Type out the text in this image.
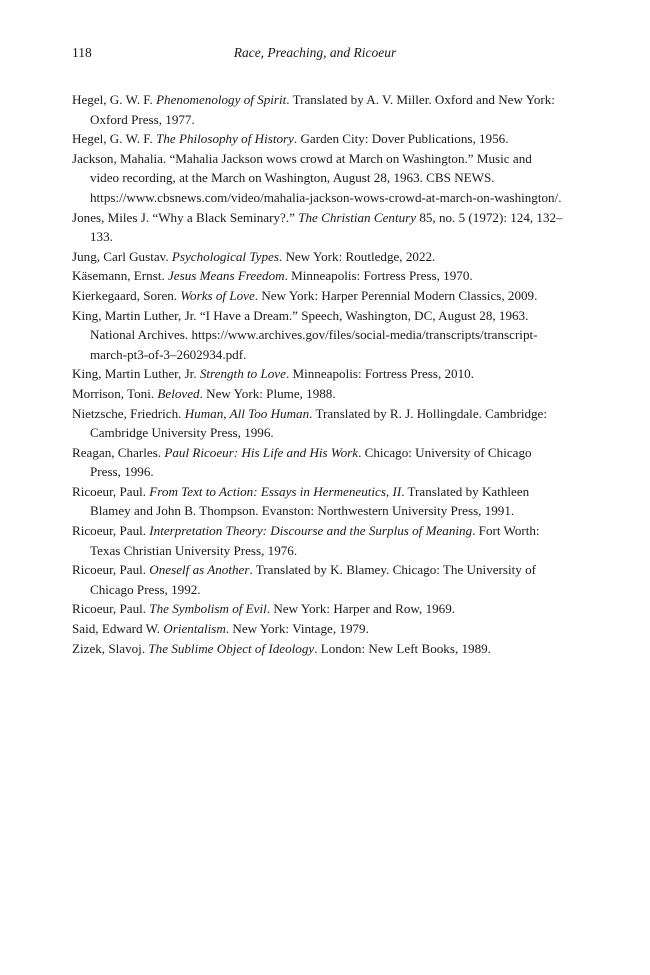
118	Race, Preaching, and Ricoeur

Hegel, G. W. F. Phenomenology of Spirit. Translated by A. V. Miller. Oxford and New York: Oxford Press, 1977.

Hegel, G. W. F. The Philosophy of History. Garden City: Dover Publications, 1956.

Jackson, Mahalia. “Mahalia Jackson wows crowd at March on Washington.” Music and video recording, at the March on Washington, August 28, 1963. CBS NEWS. https://www.cbsnews.com/video/mahalia-jackson-wows-crowd-at-march-on-washington/.

Jones, Miles J. “Why a Black Seminary?.” The Christian Century 85, no. 5 (1972): 124, 132–133.

Jung, Carl Gustav. Psychological Types. New York: Routledge, 2022.

Käsemann, Ernst. Jesus Means Freedom. Minneapolis: Fortress Press, 1970.

Kierkegaard, Soren. Works of Love. New York: Harper Perennial Modern Classics, 2009.

King, Martin Luther, Jr. “I Have a Dream.” Speech, Washington, DC, August 28, 1963. National Archives. https://www.archives.gov/files/social-media/transcripts/transcript-march-pt3-of-3–2602934.pdf.

King, Martin Luther, Jr. Strength to Love. Minneapolis: Fortress Press, 2010.

Morrison, Toni. Beloved. New York: Plume, 1988.

Nietzsche, Friedrich. Human, All Too Human. Translated by R. J. Hollingdale. Cambridge: Cambridge University Press, 1996.

Reagan, Charles. Paul Ricoeur: His Life and His Work. Chicago: University of Chicago Press, 1996.

Ricoeur, Paul. From Text to Action: Essays in Hermeneutics, II. Translated by Kathleen Blamey and John B. Thompson. Evanston: Northwestern University Press, 1991.

Ricoeur, Paul. Interpretation Theory: Discourse and the Surplus of Meaning. Fort Worth: Texas Christian University Press, 1976.

Ricoeur, Paul. Oneself as Another. Translated by K. Blamey. Chicago: The University of Chicago Press, 1992.

Ricoeur, Paul. The Symbolism of Evil. New York: Harper and Row, 1969.

Said, Edward W. Orientalism. New York: Vintage, 1979.

Zizek, Slavoj. The Sublime Object of Ideology. London: New Left Books, 1989.
